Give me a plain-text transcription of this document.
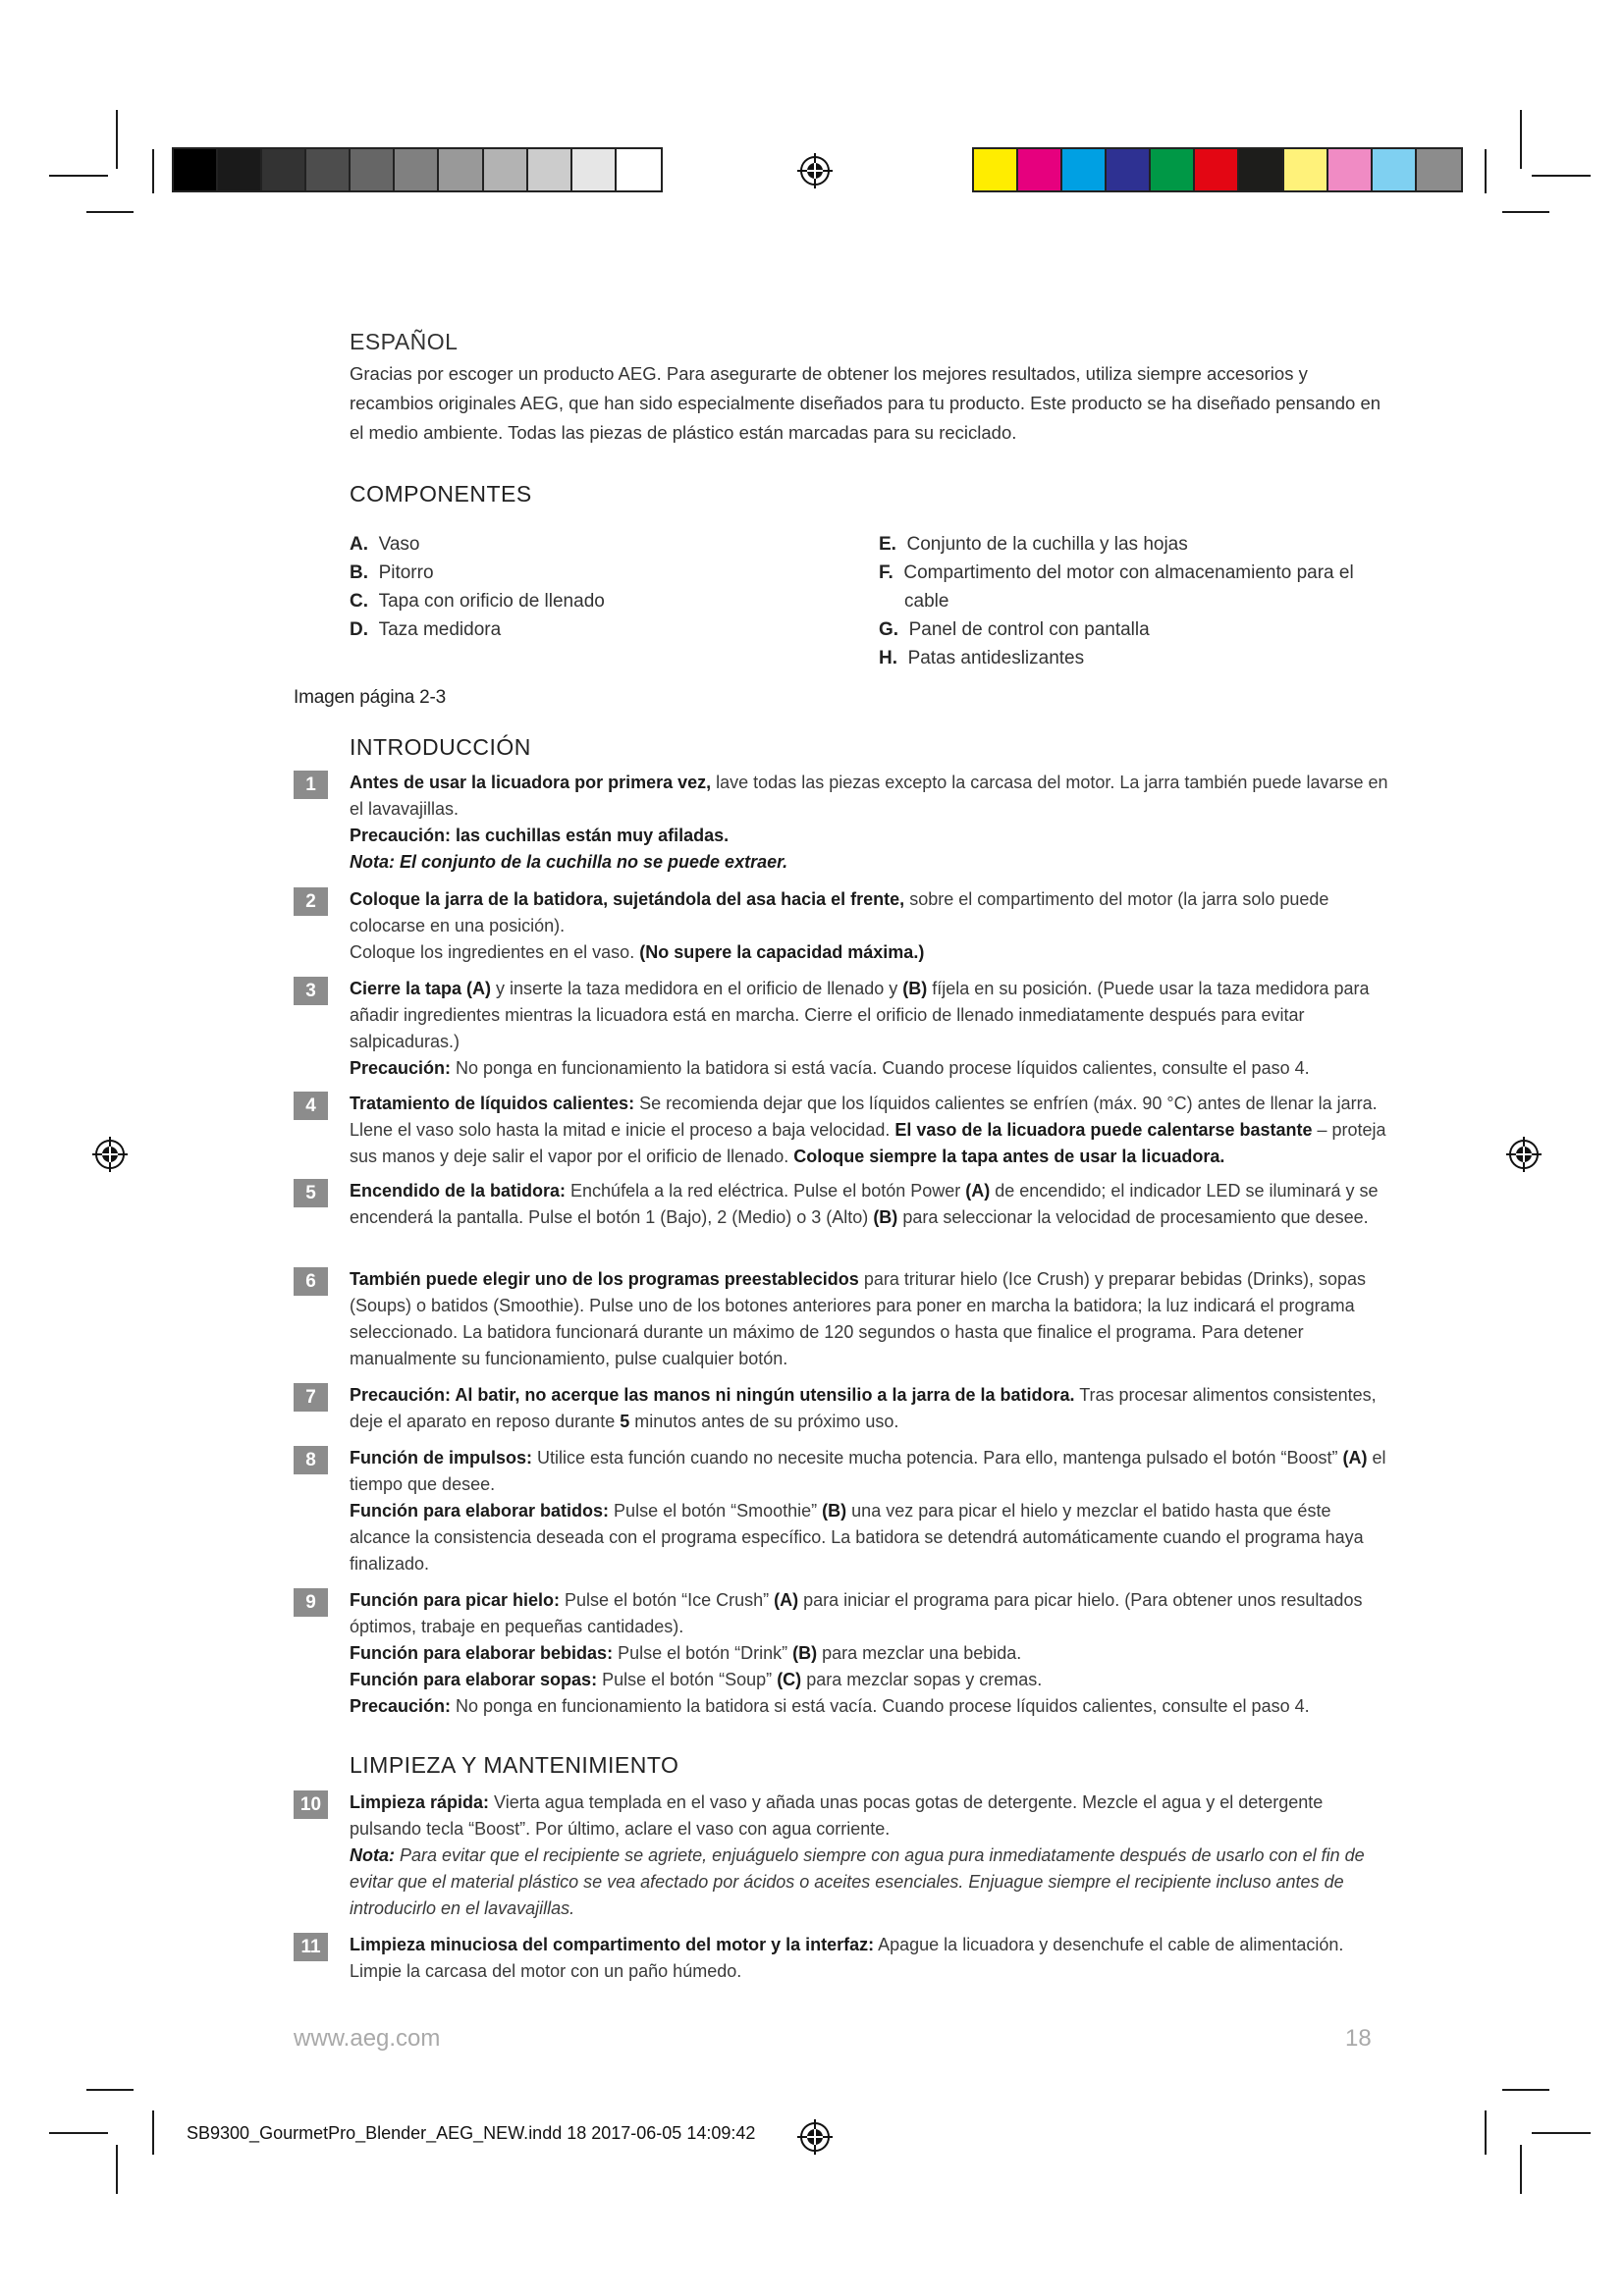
ESPAÑOL

Gracias por escoger un producto AEG. Para asegurarte de obtener los mejores resultados, utiliza siempre accesorios y recambios originales AEG, que han sido especialmente diseñados para tu producto. Este producto se ha diseñado pensando en el medio ambiente. Todas las piezas de plástico están marcadas para su reciclado.

COMPONENTES
A. Vaso
B. Pitorro
C. Tapa con orificio de llenado
D. Taza medidora
E. Conjunto de la cuchilla y las hojas
F. Compartimento del motor con almacenamiento para el cable
G. Panel de control con pantalla
H. Patas antideslizantes
Imagen página 2-3
INTRODUCCIÓN
1	Antes de usar la licuadora por primera vez, lave todas las piezas excepto la carcasa del motor. La jarra también puede lavarse en el lavavajillas.

Precaución: las cuchillas están muy afiladas.

Nota: El conjunto de la cuchilla no se puede extraer.

2	Coloque la jarra de la batidora, sujetándola del asa hacia el frente, sobre el compartimento del motor (la jarra solo puede colocarse en una posición).

Coloque los ingredientes en el vaso. (No supere la capacidad máxima.)

3	Cierre la tapa (A) y inserte la taza medidora en el orificio de llenado y (B) fíjela en su posición. (Puede usar la taza medidora para añadir ingredientes mientras la licuadora está en marcha. Cierre el orificio de llenado inmediatamente después para evitar salpicaduras.)

Precaución: No ponga en funcionamiento la batidora si está vacía. Cuando procese líquidos calientes, consulte el paso 4.

4	Tratamiento de líquidos calientes: Se recomienda dejar que los líquidos calientes se enfríen (máx. 90 °C) antes de llenar la jarra. Llene el vaso solo hasta la mitad e inicie el proceso a baja velocidad. El vaso de la licuadora puede calentarse bastante – proteja sus manos y deje salir el vapor por el orificio de llenado. Coloque siempre la tapa antes de usar la licuadora.

5	Encendido de la batidora: Enchúfela a la red eléctrica. Pulse el botón Power (A) de encendido; el indicador LED se iluminará y se encenderá la pantalla. Pulse el botón 1 (Bajo), 2 (Medio) o 3 (Alto) (B) para seleccionar la velocidad de procesamiento que desee.

6	También puede elegir uno de los programas preestablecidos para triturar hielo (Ice Crush) y preparar bebidas (Drinks), sopas (Soups) o batidos (Smoothie). Pulse uno de los botones anteriores para poner en marcha la batidora; la luz indicará el programa seleccionado. La batidora funcionará durante un máximo de 120 segundos o hasta que finalice el programa. Para detener manualmente su funcionamiento, pulse cualquier botón.

7	Precaución: Al batir, no acerque las manos ni ningún utensilio a la jarra de la batidora. Tras procesar alimentos consistentes, deje el aparato en reposo durante 5 minutos antes de su próximo uso.

8	Función de impulsos: Utilice esta función cuando no necesite mucha potencia. Para ello, mantenga pulsado el botón “Boost” (A) el tiempo que desee.

Función para elaborar batidos: Pulse el botón “Smoothie” (B) una vez para picar el hielo y mezclar el batido hasta que éste alcance la consistencia deseada con el programa específico. La batidora se detendrá automáticamente cuando el programa haya finalizado.

9	Función para picar hielo: Pulse el botón “Ice Crush” (A) para iniciar el programa para picar hielo. (Para obtener unos resultados óptimos, trabaje en pequeñas cantidades).

Función para elaborar bebidas: Pulse el botón “Drink” (B) para mezclar una bebida.

Función para elaborar sopas: Pulse el botón “Soup” (C) para mezclar sopas y cremas.

Precaución: No ponga en funcionamiento la batidora si está vacía. Cuando procese líquidos calientes, consulte el paso 4.

LIMPIEZA Y MANTENIMIENTO
10	Limpieza rápida: Vierta agua templada en el vaso y añada unas pocas gotas de detergente. Mezcle el agua y el detergente pulsando tecla “Boost”. Por último, aclare el vaso con agua corriente.

Nota: Para evitar que el recipiente se agriete, enjuáguelo siempre con agua pura inmediatamente después de usarlo con el fin de evitar que el material plástico se vea afectado por ácidos o aceites esenciales. Enjuague siempre el recipiente incluso antes de introducirlo en el lavavajillas.

11	Limpieza minuciosa del compartimento del motor y la interfaz: Apague la licuadora y desenchufe el cable de alimentación. Limpie la carcasa del motor con un paño húmedo.

www.aeg.com	18
SB9300_GourmetPro_Blender_AEG_NEW.indd 18 2017-06-05 14:09:42
